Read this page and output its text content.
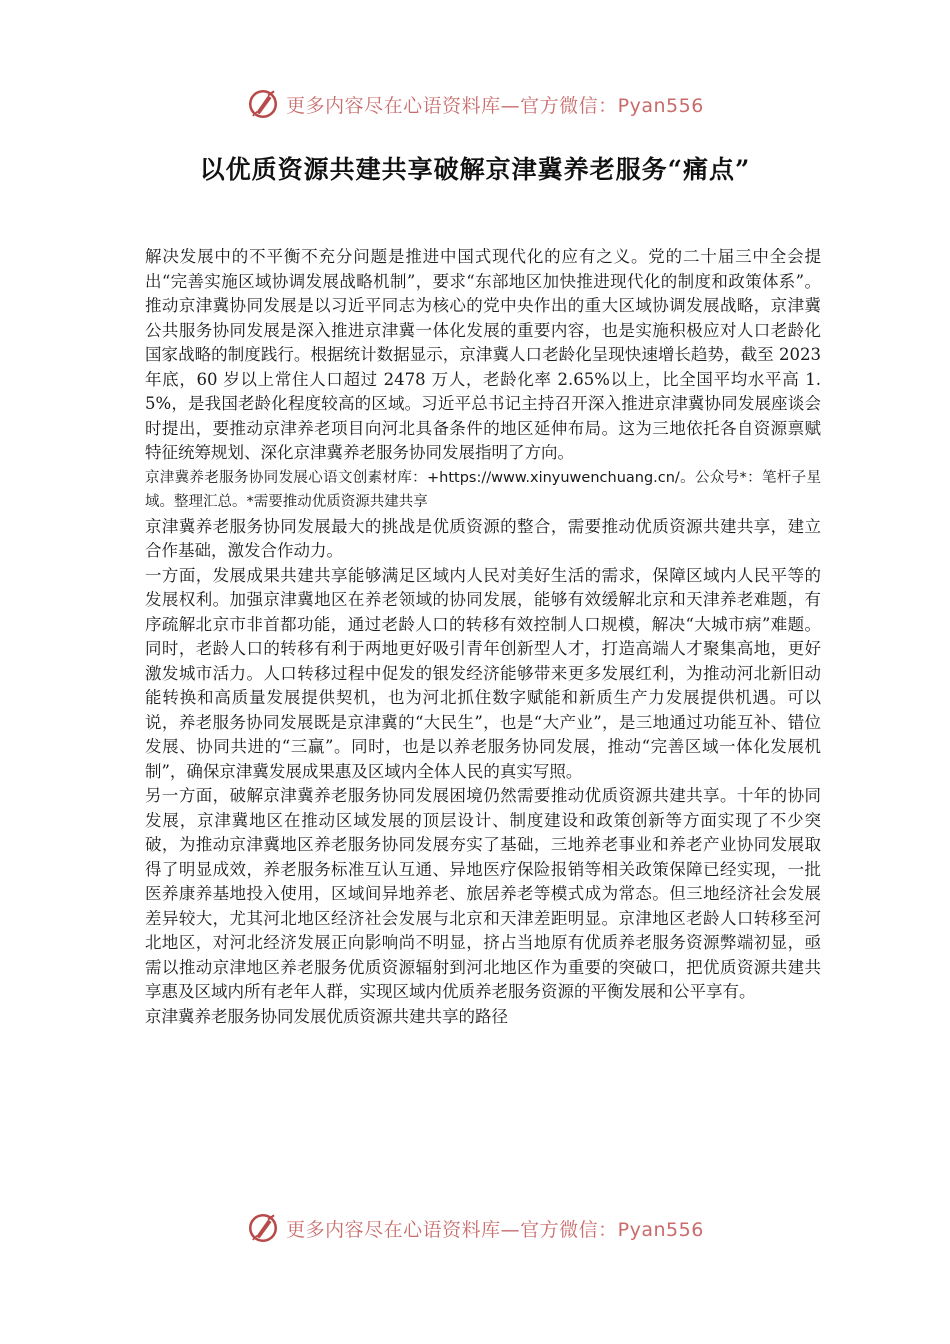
更多内容尽在心语资料库—官方微信：Pyan556
以优质资源共建共享破解京津冀养老服务“痛点”

解决发展中的不平衡不充分问题是推进中国式现代化的应有之义。党的二十届三中全会提出“完善实施区域协调发展战略机制”，要求“东部地区加快推进现代化的制度和政策体系”。推动京津冀协同发展是以习近平同志为核心的党中央作出的重大区域协调发展战略，京津冀公共服务协同发展是深入推进京津冀一体化发展的重要内容，也是实施积极应对人口老龄化国家战略的制度践行。根据统计数据显示，京津冀人口老龄化呈现快速增长趋势，截至 2023 年底，60 岁以上常住人口超过 2478 万人，老龄化率 2.65%以上，比全国平均水平高 1.5%，是我国老龄化程度较高的区域。习近平总书记主持召开深入推进京津冀协同发展座谈会时提出，要推动京津养老项目向河北具备条件的地区延伸布局。这为三地依托各自资源禀赋特征统筹规划、深化京津冀养老服务协同发展指明了方向。

京津冀养老服务协同发展心语文创素材库：+https://www.xinyuwenchuang.cn/。公众号*：笔杆子星域。整理汇总。*需要推动优质资源共建共享

京津冀养老服务协同发展最大的挑战是优质资源的整合，需要推动优质资源共建共享，建立合作基础，激发合作动力。

一方面，发展成果共建共享能够满足区域内人民对美好生活的需求，保障区域内人民平等的发展权利。加强京津冀地区在养老领域的协同发展，能够有效缓解北京和天津养老难题，有序疏解北京市非首都功能，通过老龄人口的转移有效控制人口规模，解决“大城市病”难题。同时，老龄人口的转移有利于两地更好吸引青年创新型人才，打造高端人才聚集高地，更好激发城市活力。人口转移过程中促发的银发经济能够带来更多发展红利，为推动河北新旧动能转换和高质量发展提供契机，也为河北抓住数字赋能和新质生产力发展提供机遇。可以说，养老服务协同发展既是京津冀的“大民生”，也是“大产业”，是三地通过功能互补、错位发展、协同共进的“三赢”。同时，也是以养老服务协同发展，推动“完善区域一体化发展机制”，确保京津冀发展成果惠及区域内全体人民的真实写照。

另一方面，破解京津冀养老服务协同发展困境仍然需要推动优质资源共建共享。十年的协同发展，京津冀地区在推动区域发展的顶层设计、制度建设和政策创新等方面实现了不少突破，为推动京津冀地区养老服务协同发展夯实了基础，三地养老事业和养老产业协同发展取得了明显成效，养老服务标准互认互通、异地医疗保险报销等相关政策保障已经实现，一批医养康养基地投入使用，区域间异地养老、旅居养老等模式成为常态。但三地经济社会发展差异较大，尤其河北地区经济社会发展与北京和天津差距明显。京津地区老龄人口转移至河北地区，对河北经济发展正向影响尚不明显，挤占当地原有优质养老服务资源弊端初显，亟需以推动京津地区养老服务优质资源辐射到河北地区作为重要的突破口，把优质资源共建共享惠及区域内所有老年人群，实现区域内优质养老服务资源的平衡发展和公平享有。

京津冀养老服务协同发展优质资源共建共享的路径

更多内容尽在心语资料库—官方微信：Pyan556
